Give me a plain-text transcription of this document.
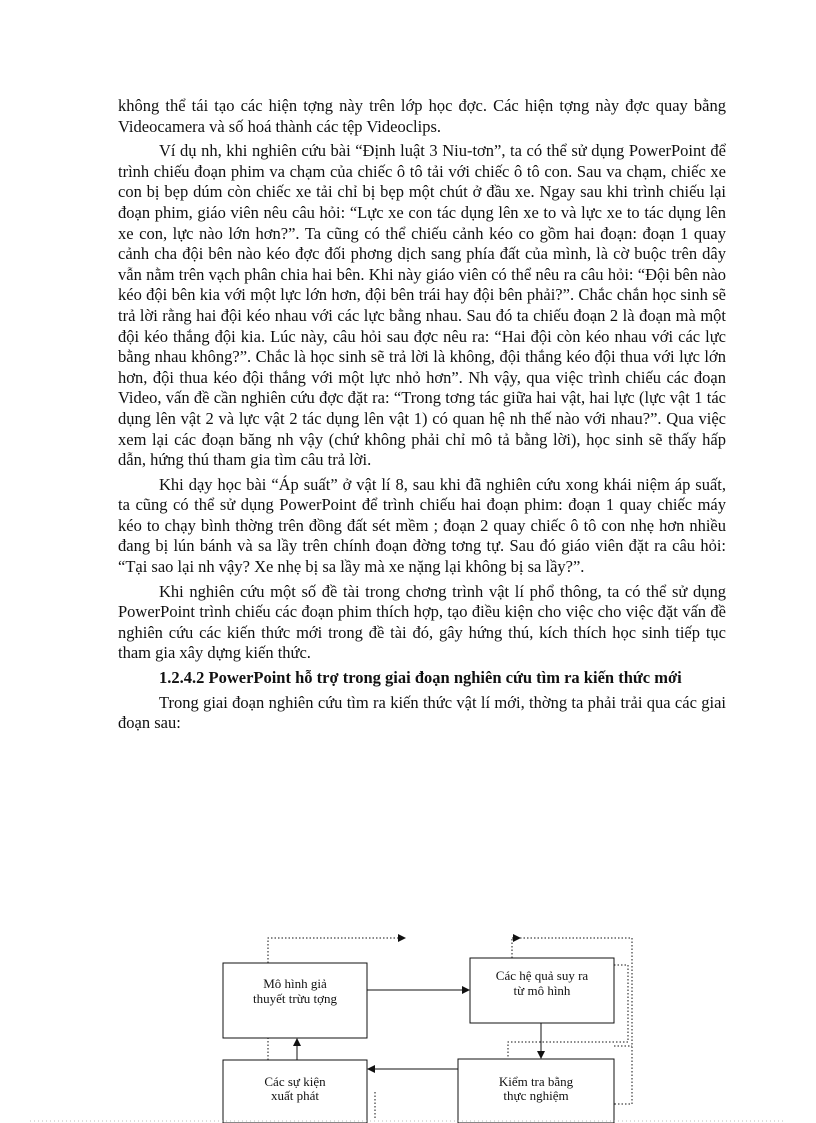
không thể tái tạo các hiện tợng này trên lớp học đợc. Các hiện tợng này đợc quay bằng Videocamera và số hoá thành các tệp Videoclips.

Ví dụ nh, khi nghiên cứu bài “Định luật 3 Niu-tơn”, ta có thể sử dụng PowerPoint để trình chiếu đoạn phim va chạm của chiếc ô tô tải với chiếc ô tô con. Sau va chạm, chiếc xe con bị bẹp dúm còn chiếc xe tải chỉ bị bẹp một chút ở đầu xe. Ngay sau khi trình chiếu lại đoạn phim, giáo viên nêu câu hỏi: “Lực xe con tác dụng lên xe to và lực xe to tác dụng lên xe con, lực nào lớn hơn?”. Ta cũng có thể chiếu cảnh kéo co gồm hai đoạn: đoạn 1 quay cảnh cha đội bên nào kéo đợc đối phơng dịch sang phía đất của mình, là cờ buộc trên dây vẫn nằm trên vạch phân chia hai bên. Khi này giáo viên có thể nêu ra câu hỏi: “Đội bên nào kéo đội bên kia với một lực lớn hơn, đội bên trái hay đội bên phải?”. Chắc chắn học sinh sẽ trả lời rằng hai đội kéo nhau với các lực bằng nhau. Sau đó ta chiếu đoạn 2 là đoạn mà một đội kéo thắng đội kia. Lúc này, câu hỏi sau đợc nêu ra: “Hai đội còn kéo nhau với các lực bằng nhau không?”. Chắc là học sinh sẽ trả lời là không, đội thắng kéo đội thua với lực lớn hơn, đội thua kéo đội thắng với một lực nhỏ hơn”. Nh vậy, qua việc trình chiếu các đoạn Video, vấn đề cần nghiên cứu đợc đặt ra: “Trong tơng tác giữa hai vật, hai lực (lực vật 1 tác dụng lên vật 2 và lực vật 2 tác dụng lên vật 1) có quan hệ nh thế nào với nhau?”. Qua việc xem lại các đoạn băng nh vậy (chứ không phải chỉ mô tả bằng lời), học sinh sẽ thấy hấp dẫn, hứng thú tham gia tìm câu trả lời.

Khi dạy học bài “Áp suất” ở vật lí 8, sau khi đã nghiên cứu xong khái niệm áp suất, ta cũng có thể sử dụng PowerPoint để trình chiếu hai đoạn phim: đoạn 1 quay chiếc máy kéo to chạy bình thờng trên đồng đất sét mềm ; đoạn 2 quay chiếc ô tô con nhẹ hơn nhiều đang bị lún bánh và sa lầy trên chính đoạn đờng tơng tự. Sau đó giáo viên đặt ra câu hỏi: “Tại sao lại nh vậy? Xe nhẹ bị sa lầy mà xe nặng lại không bị sa lầy?”.

Khi nghiên cứu một số đề tài trong chơng trình vật lí phổ thông, ta có thể sử dụng PowerPoint trình chiếu các đoạn phim thích hợp, tạo điều kiện cho việc cho việc đặt vấn đề nghiên cứu các kiến thức mới trong đề tài đó, gây hứng thú, kích thích học sinh tiếp tục tham gia xây dựng kiến thức.

1.2.4.2 PowerPoint hỗ trợ trong giai đoạn nghiên cứu tìm ra kiến thức mới

Trong giai đoạn nghiên cứu tìm ra kiến thức vật lí mới, thờng ta phải trải qua các giai đoạn sau:

Mô hình giả
thuyết trừu tợng
Các hệ quả suy ra
từ mô hình
Kiểm tra bằng
thực nghiệm
Các sự kiện
xuất phát
